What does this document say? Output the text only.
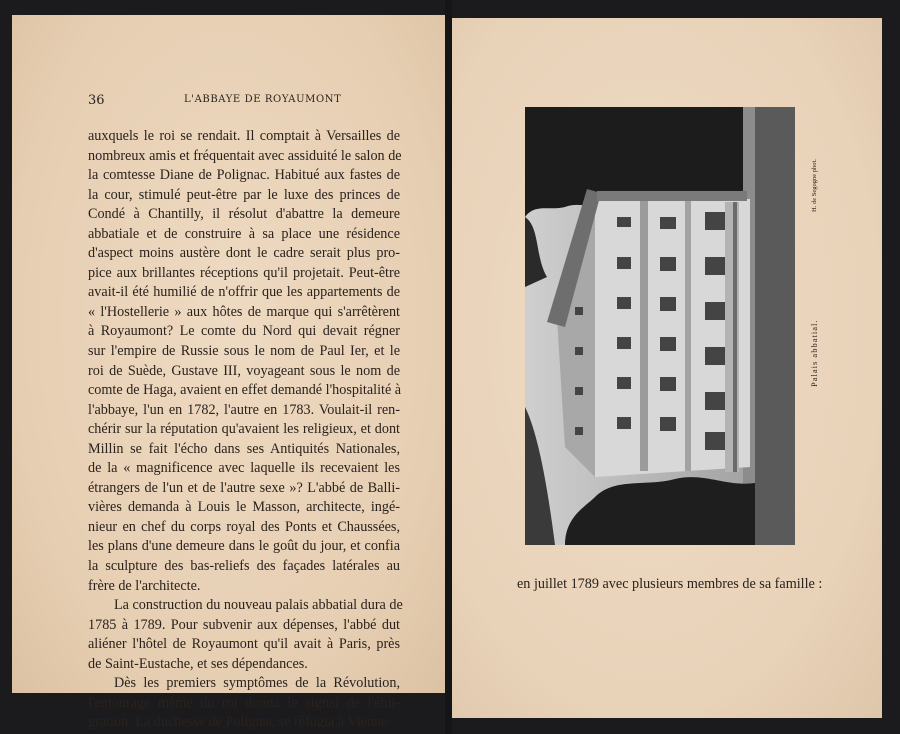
36	L'ABBAYE DE ROYAUMONT
auxquels le roi se rendait. Il comptait à Versailles de
nombreux amis et fréquentait avec assiduité le salon de
la comtesse Diane de Polignac. Habitué aux fastes de
la cour, stimulé peut-être par le luxe des princes de
Condé à Chantilly, il résolut d'abattre la demeure
abbatiale et de construire à sa place une résidence
d'aspect moins austère dont le cadre serait plus pro-
pice aux brillantes réceptions qu'il projetait. Peut-être
avait-il été humilié de n'offrir que les appartements de
« l'Hostellerie » aux hôtes de marque qui s'arrêtèrent
à Royaumont? Le comte du Nord qui devait régner
sur l'empire de Russie sous le nom de Paul Ier, et le
roi de Suède, Gustave III, voyageant sous le nom de
comte de Haga, avaient en effet demandé l'hospitalité à
l'abbaye, l'un en 1782, l'autre en 1783. Voulait-il ren-
chérir sur la réputation qu'avaient les religieux, et dont
Millin se fait l'écho dans ses Antiquités Nationales,
de la « magnificence avec laquelle ils recevaient les
étrangers de l'un et de l'autre sexe »? L'abbé de Balli-
vières demanda à Louis le Masson, architecte, ingé-
nieur en chef du corps royal des Ponts et Chaussées,
les plans d'une demeure dans le goût du jour, et confia
la sculpture des bas-reliefs des façades latérales au
frère de l'architecte.
La construction du nouveau palais abbatial dura de
1785 à 1789. Pour subvenir aux dépenses, l'abbé dut
aliéner l'hôtel de Royaumont qu'il avait à Paris, près
de Saint-Eustache, et ses dépendances.
Dès les premiers symptômes de la Révolution,
l'entourage même du roi donna le signal de l'émi-
gration. La duchesse de Polignac se réfugia à Vienne
H. de Segogne phot.
Palais abbatial.
en juillet 1789 avec plusieurs membres de sa famille :
